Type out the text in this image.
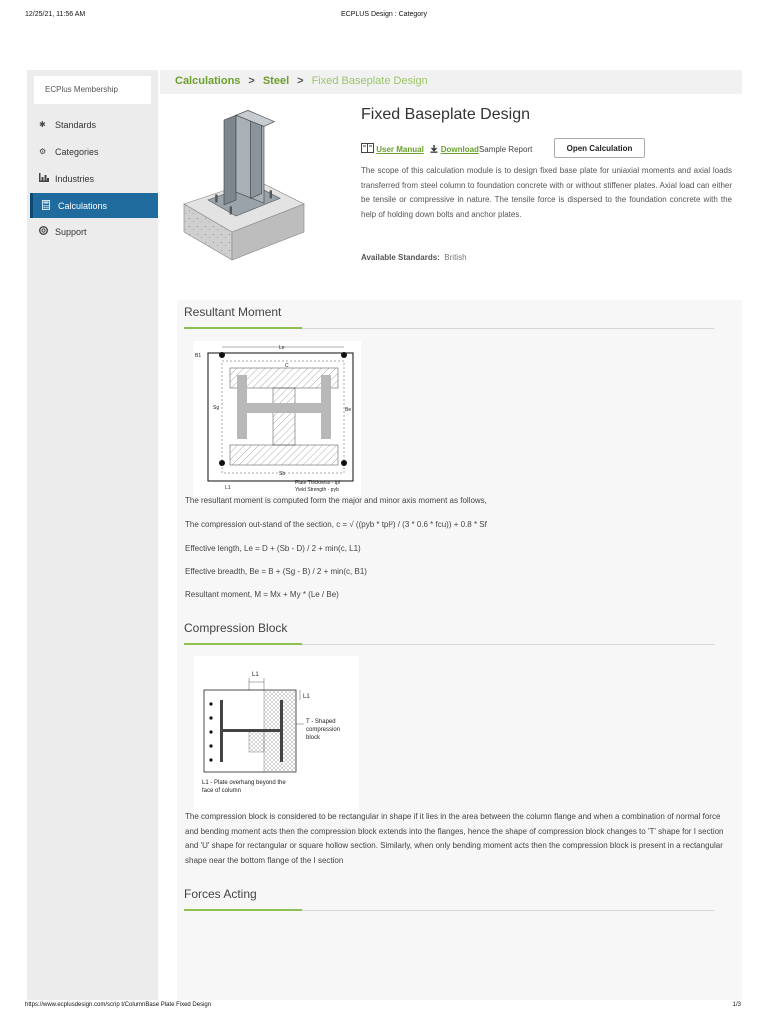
12/25/21, 11:56 AM	ECPLUS Design : Category
ECPlus Membership
✱	Standards
⚙ Categories
Industries
Calculations
Support
Calculations > Steel > Fixed Baseplate Design
Fixed Baseplate Design
User Manual DownloadSample Report	Open Calculation
The scope of this calculation module is to design fixed base plate for uniaxial moments and axial loads transferred from steel column to foundation concrete with or without stiffener plates. Axial load can either be tensile or compressive in nature. The tensile force is dispersed to the foundation concrete with the help of holding down bolts and anchor plates.
Available Standards: British
Resultant Moment
Le
B1
C
Sg	Be
Sb
L1
Plate Thickness - tpl
Yield Strength - pyb
The resultant moment is computed form the major and minor axis moment as follows,
The compression out-stand of the section, c = √ ((pyb * tpl²) / (3 * 0.6 * fcu)) + 0.8 * Sf
Effective length, Le = D + (Sb - D) / 2 + min(c, L1)
Effective breadth, Be = B + (Sg - B) / 2 + min(c, B1)
Resultant moment, M = Mx + My * (Le / Be)
Compression Block
L1
L1
T - Shaped
compression
block
L1 - Plate overhang beyond the
face of column
The compression block is considered to be rectangular in shape if it lies in the area between the column flange and when a combination of normal force and bending moment acts then the compression block extends into the flanges, hence the shape of compression block changes to 'T' shape for I section and 'U' shape for rectangular or square hollow section. Similarly, when only bending moment acts then the compression block is present in a rectangular shape near the bottom flange of the I section
Forces Acting
https://www.ecplusdesign.com/scrip t/ColumnBase Plate Fixed Design	1/3
